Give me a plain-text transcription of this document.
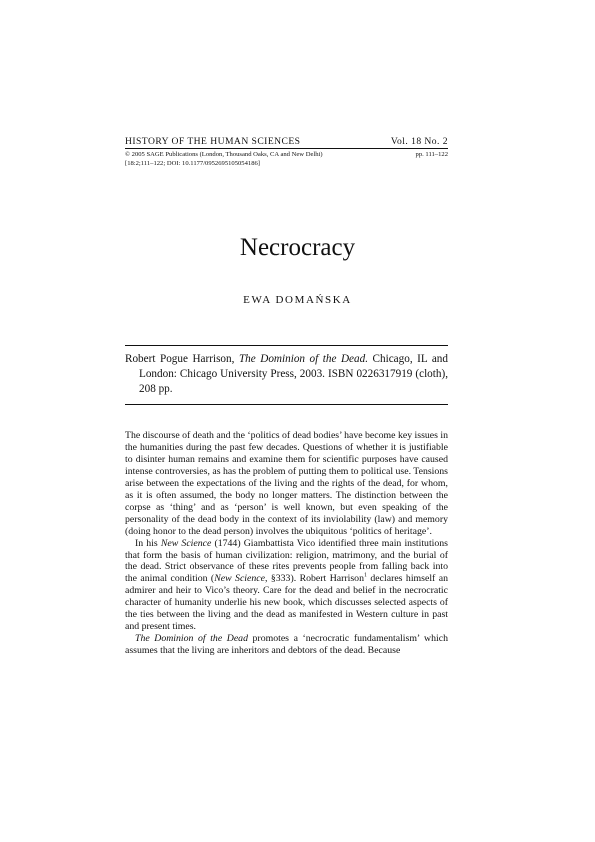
HISTORY OF THE HUMAN SCIENCES	Vol. 18 No. 2
© 2005 SAGE Publications (London, Thousand Oaks, CA and New Delhi)	pp. 111–122
[18:2;111–122; DOI: 10.1177/0952695105054186]
Necrocracy
EWA DOMAŃSKA
Robert Pogue Harrison, The Dominion of the Dead. Chicago, IL and London: Chicago University Press, 2003. ISBN 0226317919 (cloth), 208 pp.

The discourse of death and the ‘politics of dead bodies’ have become key issues in the humanities during the past few decades. Questions of whether it is justifiable to disinter human remains and examine them for scientific purposes have caused intense controversies, as has the problem of putting them to political use. Tensions arise between the expectations of the living and the rights of the dead, for whom, as it is often assumed, the body no longer matters. The distinction between the corpse as ‘thing’ and as ‘person’ is well known, but even speaking of the personality of the dead body in the context of its inviolability (law) and memory (doing honor to the dead person) involves the ubiquitous ‘politics of heritage’.

In his New Science (1744) Giambattista Vico identified three main institutions that form the basis of human civilization: religion, matrimony, and the burial of the dead. Strict observance of these rites prevents people from falling back into the animal condition (New Science, §333). Robert Harrison$^1$ declares himself an admirer and heir to Vico’s theory. Care for the dead and belief in the necrocratic character of humanity underlie his new book, which discusses selected aspects of the ties between the living and the dead as manifested in Western culture in past and present times.

The Dominion of the Dead promotes a ‘necrocratic fundamentalism’ which assumes that the living are inheritors and debtors of the dead. Because
